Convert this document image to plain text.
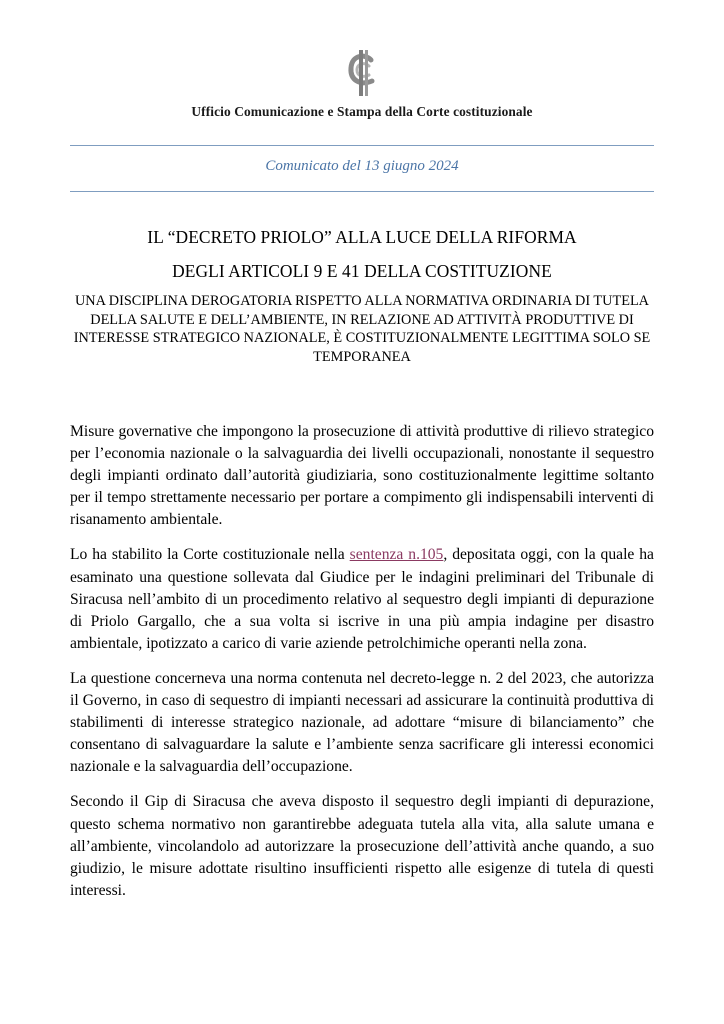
Ufficio Comunicazione e Stampa della Corte costituzionale
Comunicato del 13 giugno 2024
IL “DECRETO PRIOLO” ALLA LUCE DELLA RIFORMA
DEGLI ARTICOLI 9 E 41 DELLA COSTITUZIONE
UNA DISCIPLINA DEROGATORIA RISPETTO ALLA NORMATIVA ORDINARIA DI TUTELA DELLA SALUTE E DELL’AMBIENTE, IN RELAZIONE AD ATTIVITÀ PRODUTTIVE DI INTERESSE STRATEGICO NAZIONALE, È COSTITUZIONALMENTE LEGITTIMA SOLO SE TEMPORANEA

Misure governative che impongono la prosecuzione di attività produttive di rilievo strategico per l’economia nazionale o la salvaguardia dei livelli occupazionali, nonostante il sequestro degli impianti ordinato dall’autorità giudiziaria, sono costituzionalmente legittime soltanto per il tempo strettamente necessario per portare a compimento gli indispensabili interventi di risanamento ambientale.

Lo ha stabilito la Corte costituzionale nella sentenza n.105, depositata oggi, con la quale ha esaminato una questione sollevata dal Giudice per le indagini preliminari del Tribunale di Siracusa nell’ambito di un procedimento relativo al sequestro degli impianti di depurazione di Priolo Gargallo, che a sua volta si iscrive in una più ampia indagine per disastro ambientale, ipotizzato a carico di varie aziende petrolchimiche operanti nella zona.

La questione concerneva una norma contenuta nel decreto-legge n. 2 del 2023, che autorizza il Governo, in caso di sequestro di impianti necessari ad assicurare la continuità produttiva di stabilimenti di interesse strategico nazionale, ad adottare “misure di bilanciamento” che consentano di salvaguardare la salute e l’ambiente senza sacrificare gli interessi economici nazionale e la salvaguardia dell’occupazione.

Secondo il Gip di Siracusa che aveva disposto il sequestro degli impianti di depurazione, questo schema normativo non garantirebbe adeguata tutela alla vita, alla salute umana e all’ambiente, vincolandolo ad autorizzare la prosecuzione dell’attività anche quando, a suo giudizio, le misure adottate risultino insufficienti rispetto alle esigenze di tutela di questi interessi.
